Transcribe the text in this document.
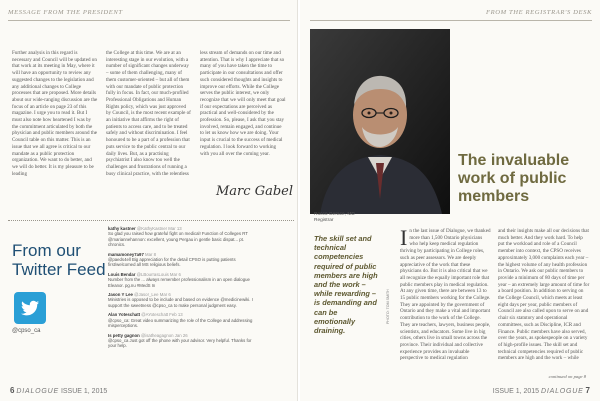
MESSAGE FROM THE PRESIDENT
Further analysis in this regard is necessary and Council will be updated on that work at its meeting in May, where it will have an opportunity to review any suggested changes to the legislation and any additional changes to College processes that are proposed. More details about our wide-ranging discussion are the focus of an article on page 23 of this magazine. I urge you to read it. But I must also note how heartened I was by the commitment articulated by both the physician and public members around the Council table on this matter. This is an issue that we all agree is critical to our mandate as a public protection organization. We want to do better, and we will do better. It is my pleasure to be leading
the College at this time. We are at an interesting stage in our evolution, with a number of significant changes underway – some of them challenging, many of them customer-oriented – but all of them with our mandate of public protection fully in focus. In fact, our much-profiled Professional Obligations and Human Rights policy, which was just approved by Council, is the most recent example of an initiative that affirms the right of patients to access care, and to be treated safely and without discrimination. I feel honoured to be a part of a profession that puts service to the public central to our daily lives. But, as a practising psychiatrist I also know too well the challenges and frustrations of running a busy clinical practice, with the relentless
less stream of demands on our time and attention. That is why I appreciate that so many of you have taken the time to participate in our consultations and offer such considered thoughts and insights to improve our efforts. While the College serves the public interest, we only recognize that we will only meet that goal if our expectations are perceived as practical and well-considered by the profession. So, please, I ask that you stay involved, remain engaged, and continue to let us know how we are doing. Your input is crucial to the success of medical regulation. I look forward to working with you all over the coming year.
Marc Gabel
From our
Twitter Feed
@cpso_ca
kathy kastner @KathyKastner Mar 13
So glad you raised how grateful fight on medical! Function of Colleges RT @mariannehannon: excellent, young Pergau in gentle basic dispat... pt. chronics.
mamamoney7a97 Mar 8
@paeds4ell Big appreciation for the detail CPSO is putting patients first/welcomed all MS religious beliefs.
Louis Bendar @LBourrasLouis Mar 6
Number from the ... always remember professionalism in an open dialogue Eleanor. pg.nu #MedS In
Jason Y Lee @Jasor_Lee Mar 6
Ministries is opposed to be include and based on evidence @medicinewiki. I support the sweetness @cpso_ca to make personal judgment easy.
Alan Yoteschatt @AYoteschatt Feb 13
@cpso_ca: Great video summarizing the role of the College and addressing misperceptions.
Is petty gagnon @isatheagagnon Jan 26
@cpso_ca Just got off the phone with your advisor. Very helpful. Thanks for your help.
6 DIALOGUE ISSUE 1, 2015
FROM THE REGISTRAR'S DESK
The invaluable work of public members
Rocco Gerace, MD
Registrar
The skill set and technical competencies required of public members are high and the work – while rewarding – is demanding and can be emotionally draining.
PHOTO: TOM SMITH
In the last issue of Dialogue, we thanked more than 1,500 Ontario physicians who help keep medical regulation thriving by participating in College roles, such as peer assessors. We are deeply appreciative of the work that these physicians do. But it is also critical that we all recognize the equally important role that public members play in medical regulation. At any given time, there are between 13 to 15 public members working for the College. They are appointed by the government of Ontario and they make a vital and important contribution to the work of the College. They are teachers, lawyers, business people, scientists, and educators. Some live in big cities, others live in small towns across the province. Their individual and collective experience provides an invaluable perspective to medical regulation
and their insights make all our decisions that much better. And they work hard. To help put the workload and role of a Council member into context, the CPSO receives approximately 3,000 complaints each year – the highest volume of any health profession in Ontario. We ask our public members to provide a minimum of 80 days of time per year – an extremely large amount of time for a board position. In addition to serving on the College Council, which meets at least eight days per year, public members of Council are also called upon to serve on and chair six statutory and operational committees, such as Discipline, ICR and Finance. Public members have also served, over the years, as spokespeople on a variety of high-profile issues. The skill set and technical competencies required of public members are high and the work – while
continued on page 8
ISSUE 1, 2015 DIALOGUE 7
